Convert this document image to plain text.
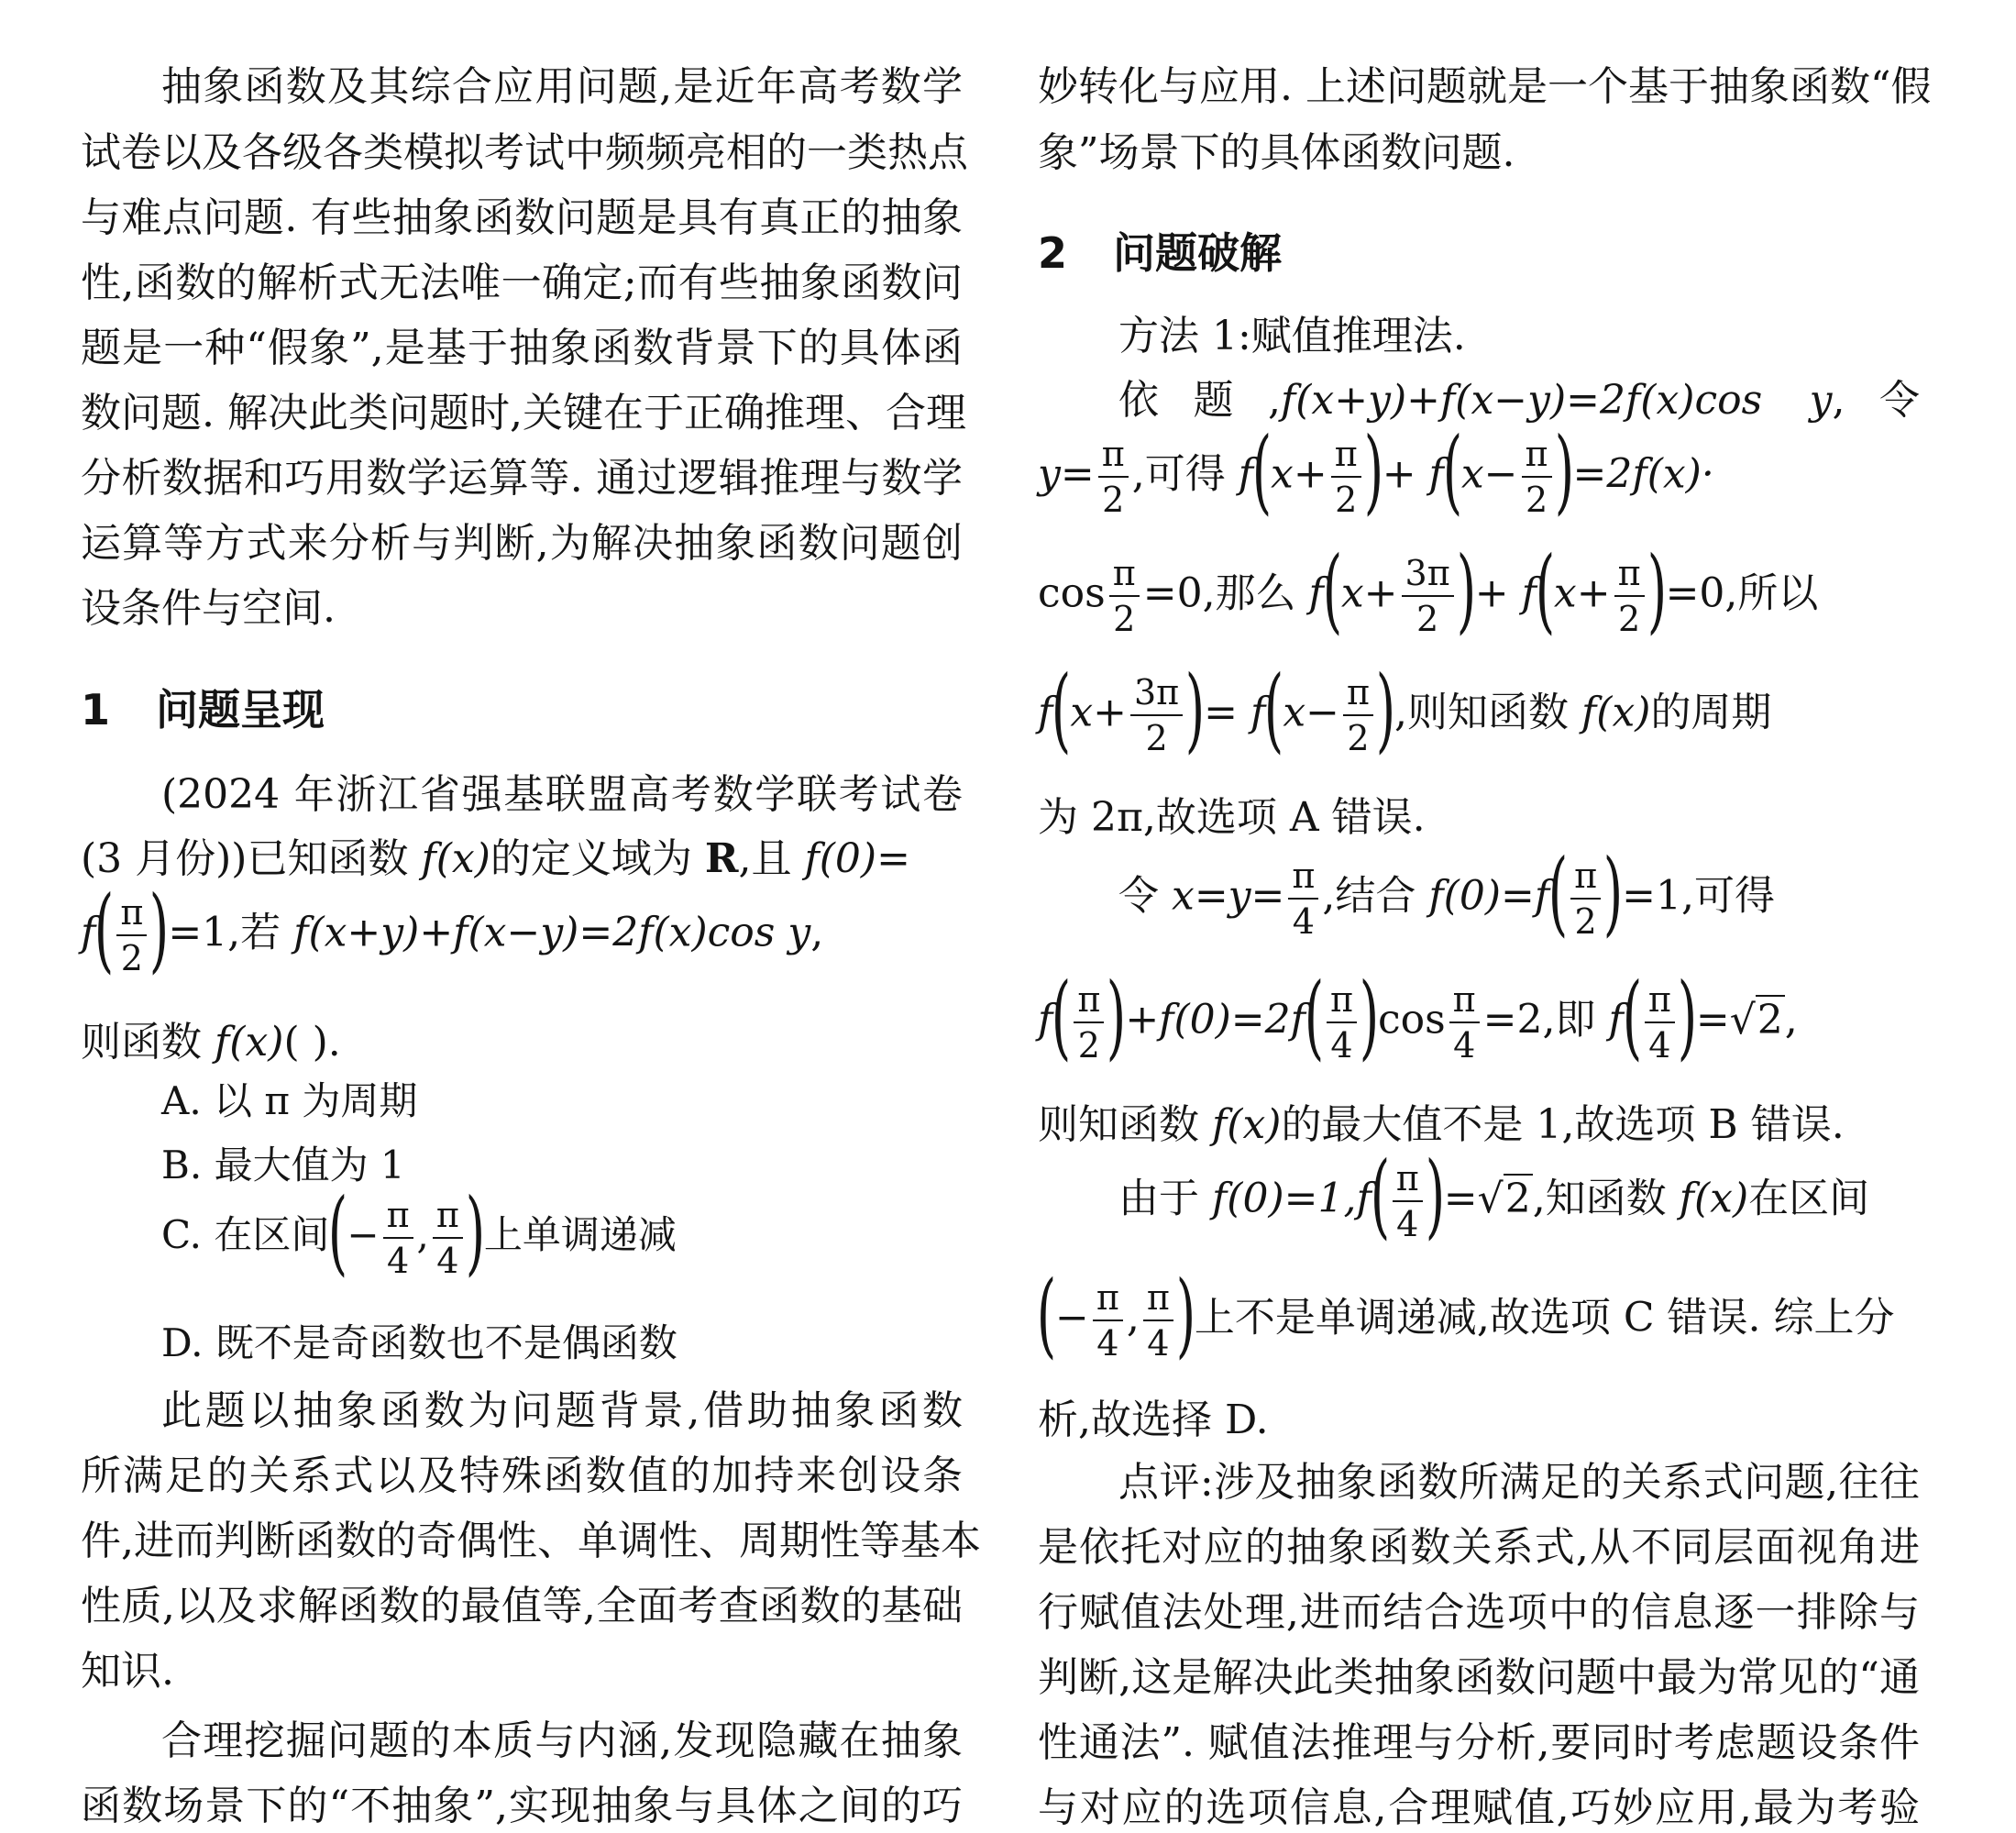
抽象函数及其综合应用问题,是近年高考数学
试卷以及各级各类模拟考试中频频亮相的一类热点
与难点问题. 有些抽象函数问题是具有真正的抽象
性,函数的解析式无法唯一确定;而有些抽象函数问
题是一种“假象”,是基于抽象函数背景下的具体函
数问题. 解决此类问题时,关键在于正确推理、合理
分析数据和巧用数学运算等. 通过逻辑推理与数学
运算等方式来分析与判断,为解决抽象函数问题创
设条件与空间.
1 问题呈现
(2024 年浙江省强基联盟高考数学联考试卷
(3 月份))已知函数 f(x)的定义域为 R,且 f(0)=
$f( \frac{\pi}{2} )=1$,若 f(x+y)+f(x−y)=2f(x)cos y,
则函数 f(x)( ).
A. 以 π 为周期
B. 最大值为 1
C. 在区间(− $\frac{\pi}{4}$ , $\frac{\pi}{4}$ )上单调递减
D. 既不是奇函数也不是偶函数
此题以抽象函数为问题背景,借助抽象函数
所满足的关系式以及特殊函数值的加持来创设条
件,进而判断函数的奇偶性、单调性、周期性等基本
性质,以及求解函数的最值等,全面考查函数的基础
知识.
合理挖掘问题的本质与内涵,发现隐藏在抽象
函数场景下的“不抽象”,实现抽象与具体之间的巧
妙转化与应用. 上述问题就是一个基于抽象函数“假
象”场景下的具体函数问题.
2 问题破解
方法 1:赋值推理法.
依题,f(x+y)+f(x−y)=2f(x)cos y,令
$y= \frac{\pi}{2}$ ,可得 $f(x+ \frac{\pi}{2}$ )+ $f(x- \frac{\pi}{2} )=2f(x)\cdot$
$\cos \frac{\pi}{2} =0$,那么 $f(x+ \frac{3\pi}{2}$ )+ $f(x+ \frac{\pi}{2} )=0$,所以
$f(x+ \frac{3\pi}{2}$ )= $f(x- \frac{\pi}{2}$ ),则知函数 f(x)的周期
为 2π,故选项 A 错误.
令 $x=y= \frac{\pi}{4}$ ,结合 $f(0)=f( \frac{\pi}{2} )=1$,可得
$f( \frac{\pi}{2} )+f(0)=2f( \frac{\pi}{4} )\cos \frac{\pi}{4} =2$,即 $f( \frac{\pi}{4} )=√2$,
则知函数 f(x)的最大值不是 1,故选项 B 错误.
由于 $f(0)=1,f( \frac{\pi}{4} )=√2$,知函数 f(x)在区间
(− $\frac{\pi}{4}$ , $\frac{\pi}{4}$ )上不是单调递减,故选项 C 错误. 综上分
析,故选择 D.
点评:涉及抽象函数所满足的关系式问题,往往
是依托对应的抽象函数关系式,从不同层面视角进
行赋值法处理,进而结合选项中的信息逐一排除与
判断,这是解决此类抽象函数问题中最为常见的“通
性通法”. 赋值法推理与分析,要同时考虑题设条件
与对应的选项信息,合理赋值,巧妙应用,最为考验
